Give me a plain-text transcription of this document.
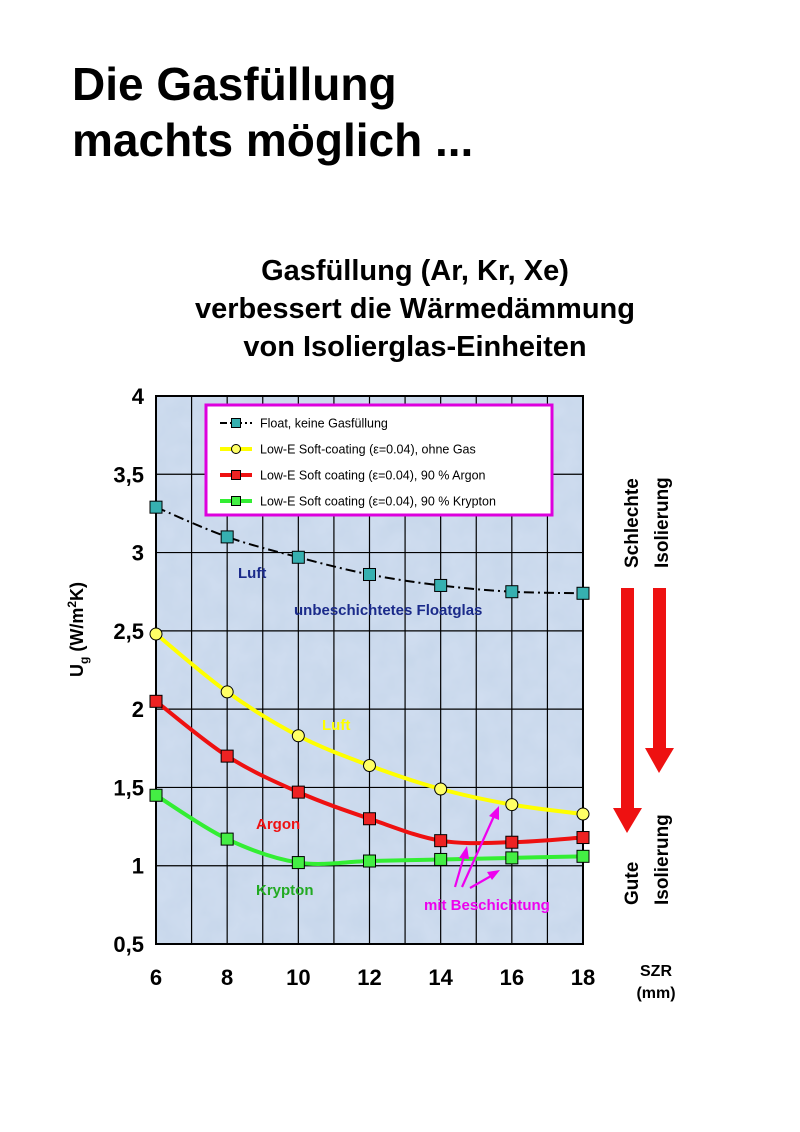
Die Gasfüllung
machts möglich ...
Gasfüllung (Ar, Kr, Xe)
verbessert die Wärmedämmung
von Isolierglas-Einheiten
0,5
1
1,5
2
2,5
3
3,5
4
6	8 10 12 14 16 18
Float, keine Gasfüllung
Low-E Soft-coating (ε=0.04), ohne Gas
Low-E Soft coating (ε=0.04), 90 % Argon
Low-E Soft coating (ε=0.04), 90 % Krypton
$U_g$ $(W/m^2K)$
SZR
(mm)
Luft
unbeschichtetes Floatglas
Luft
Argon
Krypton
mit Beschichtung
Schlechte Isolierung
Gute Isolierung
